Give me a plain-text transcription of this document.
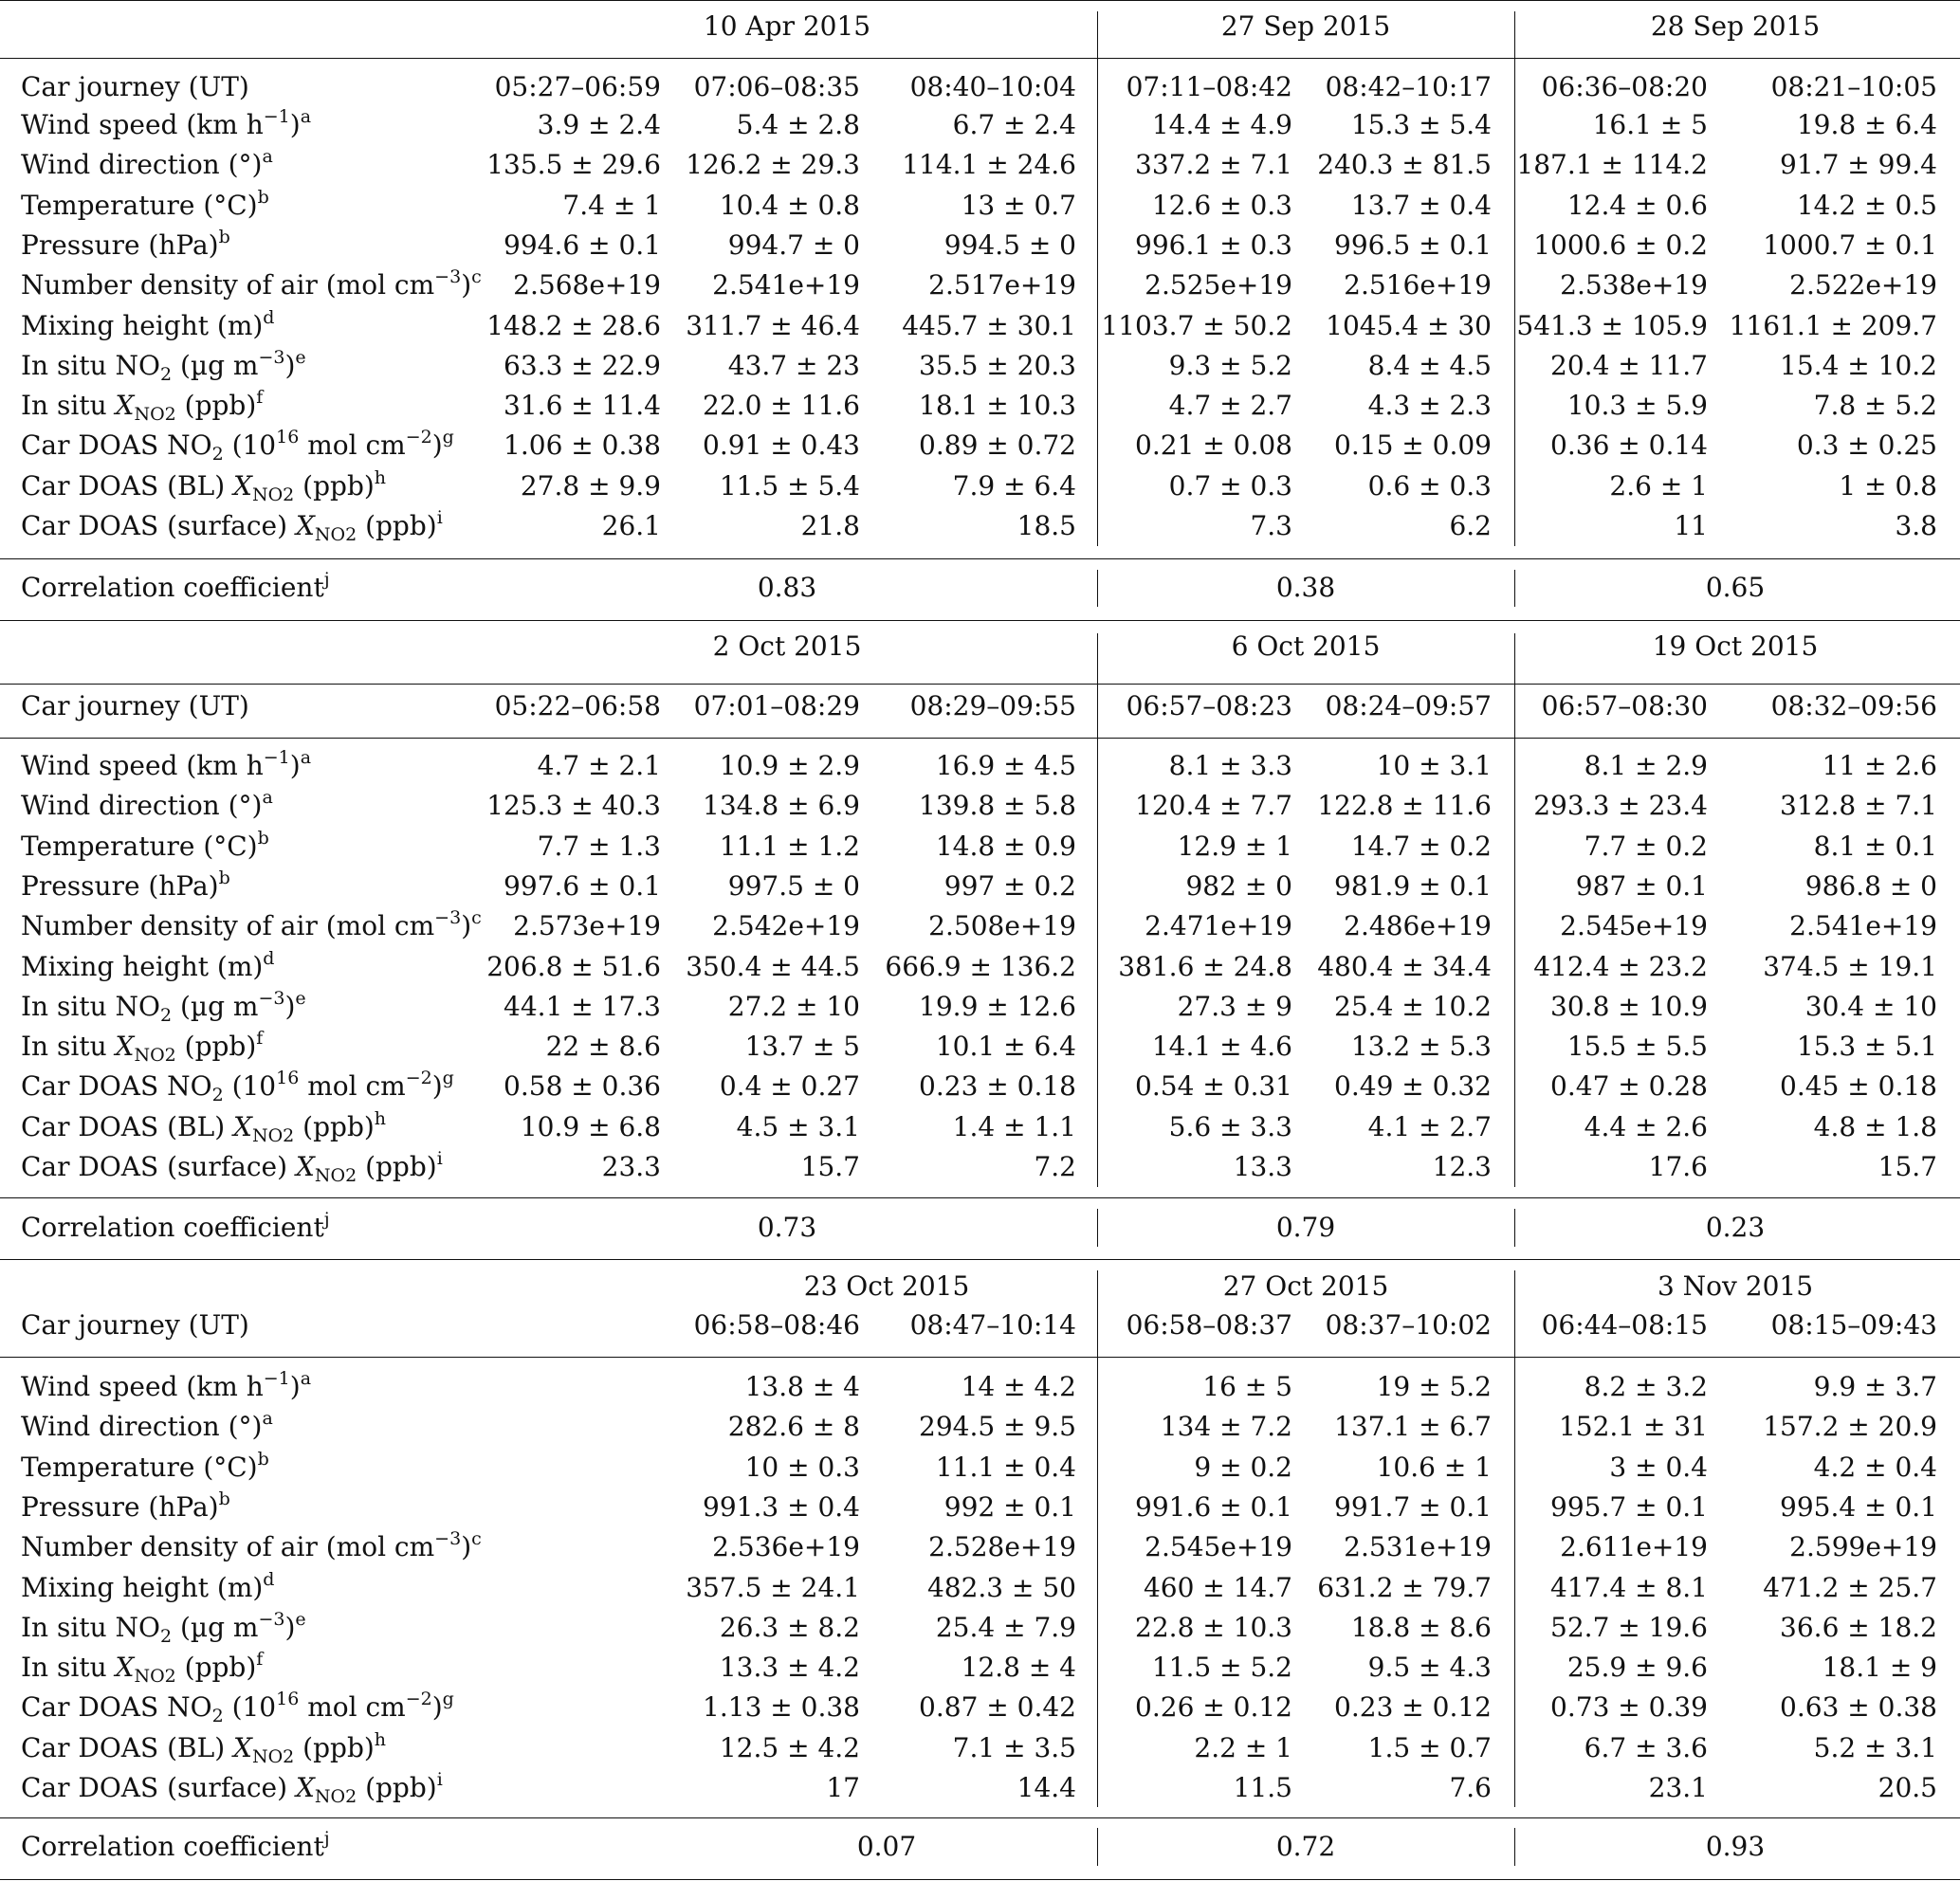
10 Apr 2015	27 Sep 2015	28 Sep 2015
Car journey (UT)	05:27–06:59 07:06–08:35 08:40–10:04 07:11–08:42 08:42–10:17 06:36–08:20 08:21–10:05
Wind speed (km $h^{-1})^a$	3.9 ± 2.4	5.4 ± 2.8	6.7 ± 2.4	14.4 ± 4.9 15.3 ± 5.4	16.1 ± 5	19.8 ± 6.4
Wind direction (°)$^a$	135.5 ± 29.6 126.2 ± 29.3 114.1 ± 24.6 337.2 ± 7.1 240.3 ± 81.5 187.1 ± 114.2	91.7 ± 99.4
Temperature $(^\circ C)^b$	7.4 ± 1 10.4 ± 0.8	13 ± 0.7	12.6 ± 0.3 13.7 ± 0.4	12.4 ± 0.6	14.2 ± 0.5
Pressure (hPa)$^b$	994.6 ± 0.1	994.7 ± 0	994.5 ± 0 996.1 ± 0.3 996.5 ± 0.1 1000.6 ± 0.2 1000.7 ± 0.1
Number density of air (mol $cm^{-3})^c$ 2.568e+19 2.541e+19	2.517e+19	2.525e+19 2.516e+19	2.538e+19	2.522e+19
Mixing height $(m)^d$	148.2 ± 28.6 311.7 ± 46.4 445.7 ± 30.1 1103.7 ± 50.2 1045.4 ± 30 541.3 ± 105.9 1161.1 ± 209.7
In situ $NO_2$ (µg $m^{-3})^e$	63.3 ± 22.9	43.7 ± 23 35.5 ± 20.3	9.3 ± 5.2	8.4 ± 4.5 20.4 ± 11.7	15.4 ± 10.2
In situ $X_{NO2}$ (ppb)$^f$	31.6 ± 11.4 22.0 ± 11.6 18.1 ± 10.3	4.7 ± 2.7	4.3 ± 2.3	10.3 ± 5.9	7.8 ± 5.2
Car DOAS $NO_2$ ($10^{16}$ mol $cm^{-2})^g$ 1.06 ± 0.38 0.91 ± 0.43 0.89 ± 0.72 0.21 ± 0.08 0.15 ± 0.09 0.36 ± 0.14	0.3 ± 0.25
Car DOAS (BL) $X_{NO2}$ (ppb)$^h$	27.8 ± 9.9 11.5 ± 5.4	7.9 ± 6.4	0.7 ± 0.3	0.6 ± 0.3	2.6 ± 1	1 ± 0.8
Car DOAS (surface) $X_{NO2}$ (ppb)$^i$	26.1	21.8	18.5	7.3	6.2	11	3.8
Correlation coefficient$^j$	0.83	0.38	0.65
2 Oct 2015	6 Oct 2015	19 Oct 2015
Car journey (UT)	05:22–06:58 07:01–08:29 08:29–09:55 06:57–08:23 08:24–09:57 06:57–08:30 08:32–09:56
Wind speed (km $h^{-1})^a$	4.7 ± 2.1 10.9 ± 2.9	16.9 ± 4.5	8.1 ± 3.3	10 ± 3.1	8.1 ± 2.9	11 ± 2.6
Wind direction (°)$^a$	125.3 ± 40.3 134.8 ± 6.9 139.8 ± 5.8 120.4 ± 7.7 122.8 ± 11.6 293.3 ± 23.4	312.8 ± 7.1
Temperature $(^\circ C)^b$	7.7 ± 1.3 11.1 ± 1.2	14.8 ± 0.9	12.9 ± 1 14.7 ± 0.2	7.7 ± 0.2	8.1 ± 0.1
Pressure (hPa)$^b$	997.6 ± 0.1	997.5 ± 0	997 ± 0.2	982 ± 0 981.9 ± 0.1	987 ± 0.1	986.8 ± 0
Number density of air (mol $cm^{-3})^c$ 2.573e+19 2.542e+19	2.508e+19	2.471e+19 2.486e+19	2.545e+19	2.541e+19
Mixing height $(m)^d$	206.8 ± 51.6 350.4 ± 44.5 666.9 ± 136.2 381.6 ± 24.8 480.4 ± 34.4 412.4 ± 23.2 374.5 ± 19.1
In situ $NO_2$ (µg $m^{-3})^e$	44.1 ± 17.3	27.2 ± 10 19.9 ± 12.6	27.3 ± 9 25.4 ± 10.2 30.8 ± 10.9	30.4 ± 10
In situ $X_{NO2}$ (ppb)$^f$	22 ± 8.6	13.7 ± 5	10.1 ± 6.4	14.1 ± 4.6 13.2 ± 5.3	15.5 ± 5.5	15.3 ± 5.1
Car DOAS $NO_2$ ($10^{16}$ mol $cm^{-2})^g$ 0.58 ± 0.36 0.4 ± 0.27 0.23 ± 0.18 0.54 ± 0.31 0.49 ± 0.32 0.47 ± 0.28	0.45 ± 0.18
Car DOAS (BL) $X_{NO2}$ (ppb)$^h$	10.9 ± 6.8	4.5 ± 3.1	1.4 ± 1.1	5.6 ± 3.3	4.1 ± 2.7	4.4 ± 2.6	4.8 ± 1.8
Car DOAS (surface) $X_{NO2}$ (ppb)$^i$	23.3	15.7	7.2	13.3	12.3	17.6	15.7
Correlation coefficient$^j$	0.73	0.79	0.23
23 Oct 2015	27 Oct 2015	3 Nov 2015
Car journey (UT)	06:58–08:46 08:47–10:14 06:58–08:37 08:37–10:02 06:44–08:15 08:15–09:43
Wind speed (km $h^{-1})^a$	13.8 ± 4	14 ± 4.2	16 ± 5	19 ± 5.2	8.2 ± 3.2	9.9 ± 3.7
Wind direction (°)$^a$	282.6 ± 8 294.5 ± 9.5	134 ± 7.2 137.1 ± 6.7	152.1 ± 31 157.2 ± 20.9
Temperature $(^\circ C)^b$	10 ± 0.3	11.1 ± 0.4	9 ± 0.2	10.6 ± 1	3 ± 0.4	4.2 ± 0.4
Pressure (hPa)$^b$	991.3 ± 0.4	992 ± 0.1 991.6 ± 0.1 991.7 ± 0.1 995.7 ± 0.1	995.4 ± 0.1
Number density of air (mol $cm^{-3})^c$	2.536e+19	2.528e+19	2.545e+19 2.531e+19	2.611e+19	2.599e+19
Mixing height $(m)^d$	357.5 ± 24.1	482.3 ± 50	460 ± 14.7 631.2 ± 79.7 417.4 ± 8.1 471.2 ± 25.7
In situ $NO_2$ (µg $m^{-3})^e$	26.3 ± 8.2	25.4 ± 7.9 22.8 ± 10.3 18.8 ± 8.6 52.7 ± 19.6	36.6 ± 18.2
In situ $X_{NO2}$ (ppb)$^f$	13.3 ± 4.2	12.8 ± 4	11.5 ± 5.2	9.5 ± 4.3	25.9 ± 9.6	18.1 ± 9
Car DOAS $NO_2$ ($10^{16}$ mol $cm^{-2})^g$	1.13 ± 0.38 0.87 ± 0.42 0.26 ± 0.12 0.23 ± 0.12 0.73 ± 0.39	0.63 ± 0.38
Car DOAS (BL) $X_{NO2}$ (ppb)$^h$	12.5 ± 4.2	7.1 ± 3.5	2.2 ± 1	1.5 ± 0.7	6.7 ± 3.6	5.2 ± 3.1
Car DOAS (surface) $X_{NO2}$ (ppb)$^i$	17	14.4	11.5	7.6	23.1	20.5
Correlation coefficient$^j$	0.07	0.72	0.93
